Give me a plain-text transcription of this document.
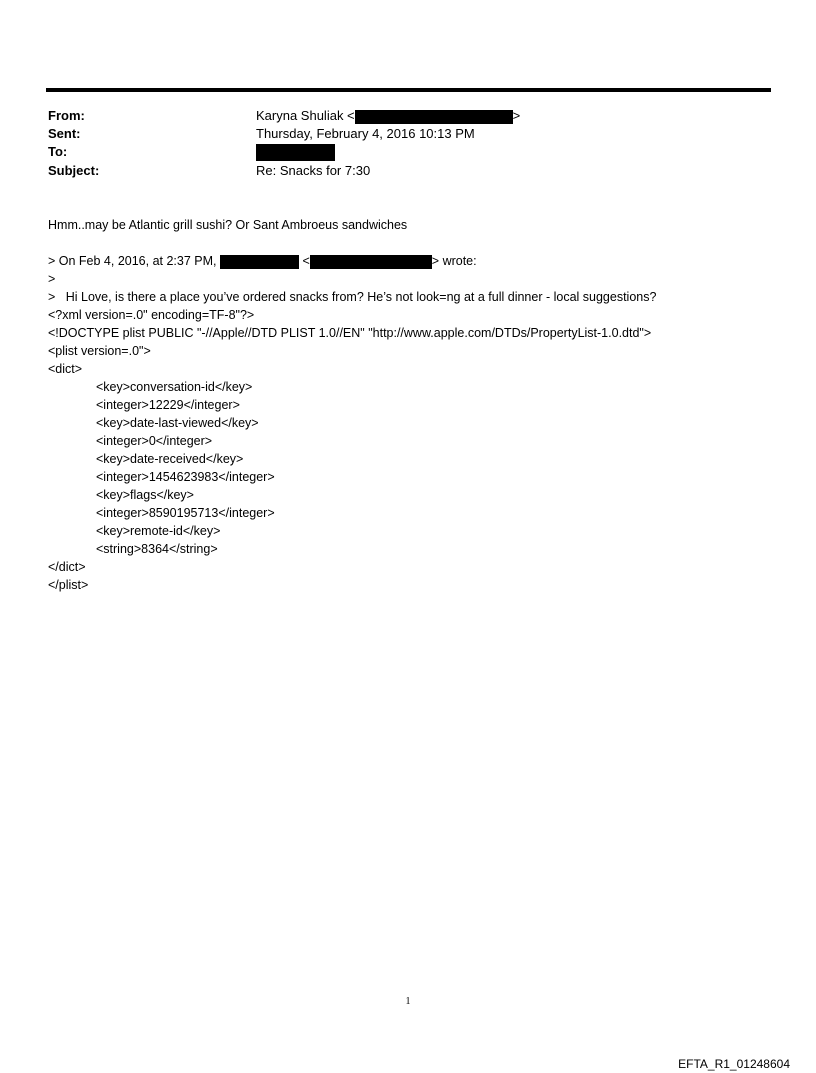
From:	Karyna Shuliak <	>
Sent:	Thursday, February 4, 2016 10:13 PM
To:
Subject:	Re: Snacks for 7:30
Hmm..may be Atlantic grill sushi? Or Sant Ambroeus sandwiches
> On Feb 4, 2016, at 2:37 PM,	<	> wrote:
>
>   Hi Love, is there a place you’ve ordered snacks from? He’s not look=ng at a full dinner - local suggestions?
<?xml version=.0" encoding=TF-8"?>
<!DOCTYPE plist PUBLIC "-//Apple//DTD PLIST 1.0//EN" "http://www.apple.com/DTDs/PropertyList-1.0.dtd">
<plist version=.0">
<dict>
<key>conversation-id</key>
<integer>12229</integer>
<key>date-last-viewed</key>
<integer>0</integer>
<key>date-received</key>
<integer>1454623983</integer>
<key>flags</key>
<integer>8590195713</integer>
<key>remote-id</key>
<string>8364</string>
</dict>
</plist>
1
EFTA_R1_01248604
